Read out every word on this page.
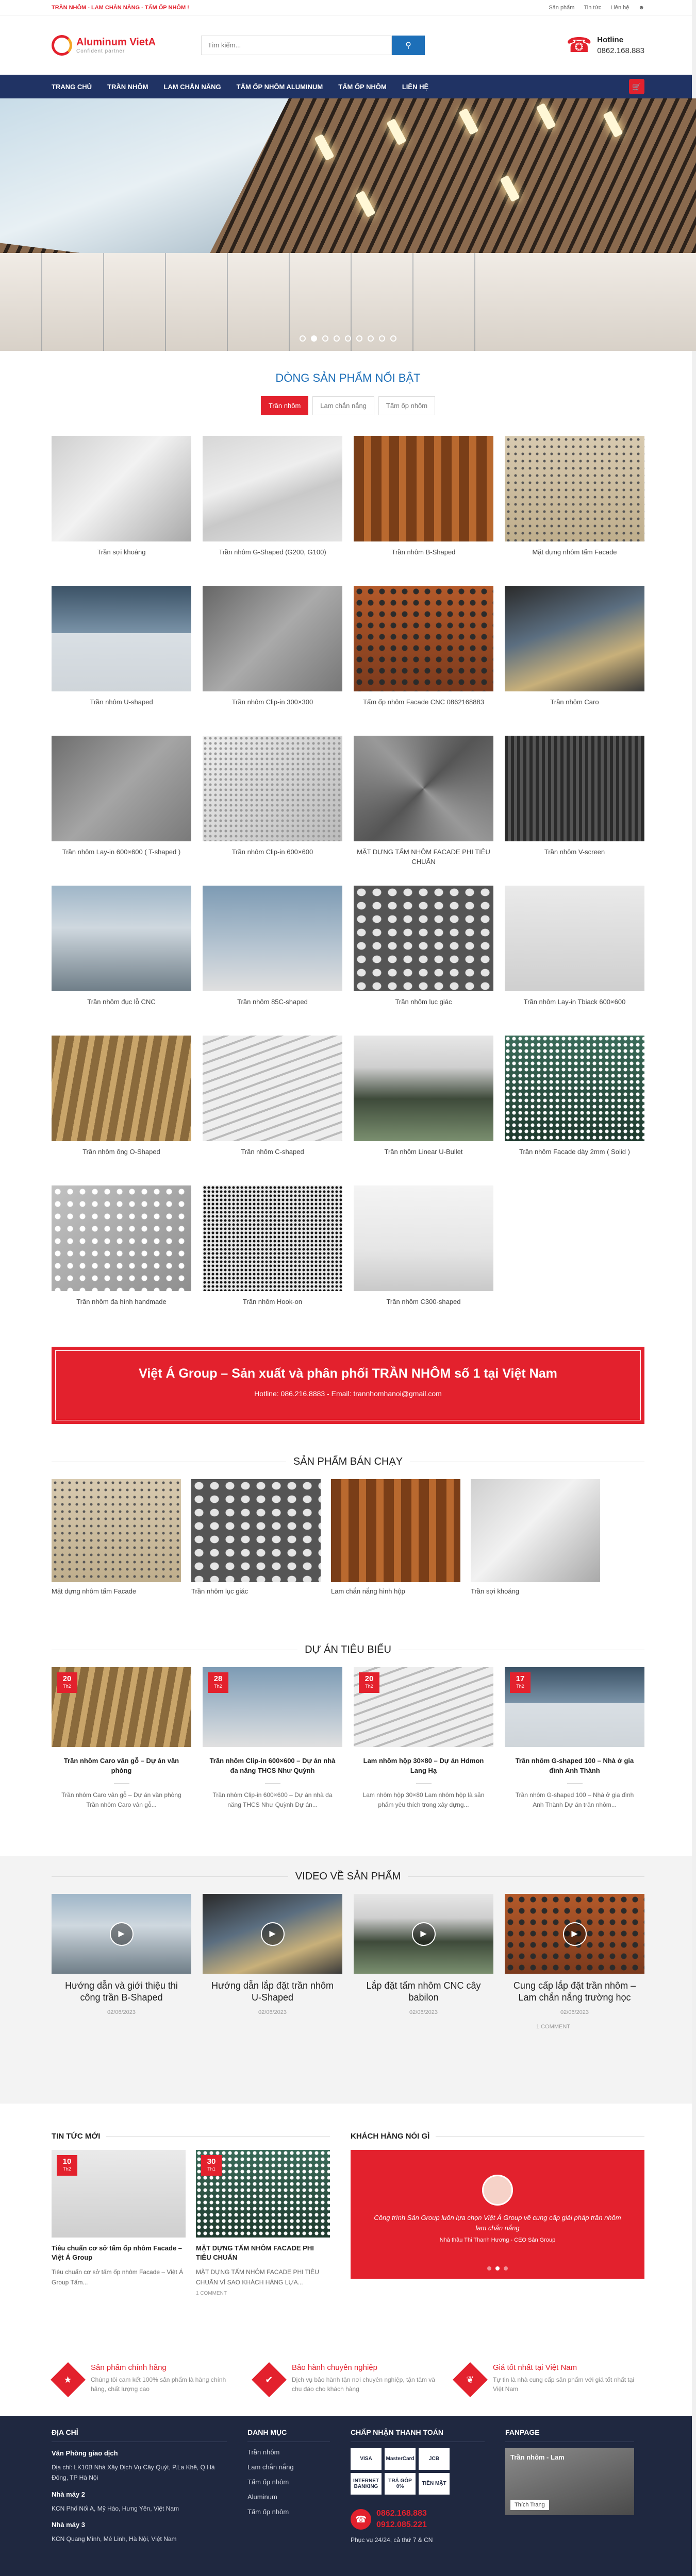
TRẦN NHÔM - LAM CHẮN NẮNG - TẤM ỐP NHÔM !	Sản phẩm Tin tức Liên hệ ☻
Aluminum VietA
Confident partner
Tìm kiếm...
⚲	☎ Hotline
0862.168.883
TRANG CHỦ TRẦN NHÔM LAM CHẮN NẮNG TẤM ỐP NHÔM ALUMINUM TẤM ỐP NHÔM LIÊN HỆ	🛒
DÒNG SẢN PHẨM NỔI BẬT
Trần nhôm	Lam chắn nắng	Tấm ốp nhôm
Trần sợi khoáng	Trần nhôm G-Shaped (G200, G100)	Trần nhôm B-Shaped	Mặt dựng nhôm tấm Facade
Trần nhôm U-shaped	Trần nhôm Clip-in 300×300	Tấm ốp nhôm Facade CNC 0862168883	Trần nhôm Caro
Trần nhôm Lay-in 600×600 ( T-shaped )	Trần nhôm Clip-in 600×600	MẶT DỰNG TẤM NHÔM FACADE PHI TIÊU CHUẨN
Trần nhôm V-screen
Trần nhôm đục lỗ CNC	Trần nhôm 85C-shaped	Trần nhôm lục giác	Trần nhôm Lay-in Tbiack 600×600
Trần nhôm ống O-Shaped	Trần nhôm C-shaped	Trần nhôm Linear U-Bullet	Trần nhôm Facade dày 2mm ( Solid )
Trần nhôm đa hình handmade	Trần nhôm Hook-on	Trần nhôm C300-shaped
Việt Á Group – Sản xuất và phân phối TRẦN NHÔM số 1 tại Việt Nam
Hotline: 086.216.8883 - Email: trannhomhanoi@gmail.com
SẢN PHẨM BÁN CHẠY
Mặt dựng nhôm tấm Facade	Trần nhôm lục giác	Lam chắn nắng hình hộp	Trần sợi khoáng
DỰ ÁN TIÊU BIỂU
20
Th2
Trần nhôm Caro vân gỗ – Dự án văn phòng

Trần nhôm Caro vân gỗ – Dự án văn phòng Trần nhôm Caro vân gỗ...

28
Th2
Trần nhôm Clip-in 600×600 – Dự án nhà đa năng THCS Như Quỳnh

Trần nhôm Clip-in 600×600 – Dự án nhà đa năng THCS Như Quỳnh Dự án...

20
Th2
Lam nhôm hộp 30×80 – Dự án Hdmon Lang Hạ

Lam nhôm hộp 30×80 Lam nhôm hộp là sản phẩm yêu thích trong xây dựng...

17
Th2
Trần nhôm G-shaped 100 – Nhà ở gia đình Anh Thành

Trần nhôm G-shaped 100 – Nhà ở gia đình Anh Thành Dự án trần nhôm...

VIDEO VỀ SẢN PHẨM
▶
Hướng dẫn và giới thiệu thi công trần B-Shaped
02/06/2023
▶
Hướng dẫn lắp đặt trần nhôm U-Shaped
02/06/2023
▶
Lắp đặt tấm nhôm CNC cây babilon
02/06/2023
▶
Cung cấp lắp đặt trần nhôm – Lam chắn nắng trường học
02/06/2023
1 COMMENT
TIN TỨC MỚI
10
Th2
Tiêu chuẩn cơ sở tấm ốp nhôm Facade – Việt Á Group

Tiêu chuẩn cơ sở tấm ốp nhôm Facade – Việt Á Group Tấm...

30
Th1
MẶT DỰNG TẤM NHÔM FACADE PHI TIÊU CHUẨN

MẶT DỰNG TẤM NHÔM FACADE PHI TIÊU CHUẨN VÌ SAO KHÁCH HÀNG LỰA...

1 COMMENT
KHÁCH HÀNG NÓI GÌ
Công trình Sản Group luôn lựa chọn Việt Á Group về cung cấp giải pháp trần nhôm lam chắn nắng
Nhà thầu Thi Thanh Hương - CEO Sản Group
★
Sản phẩm chính hãng

Chúng tôi cam kết 100% sản phẩm là hàng chính hãng, chất lượng cao

✔
Bảo hành chuyên nghiệp

Dịch vụ bảo hành tận nơi chuyên nghiệp, tận tâm và chu đáo cho khách hàng

❦
Giá tốt nhất tại Việt Nam

Tự tin là nhà cung cấp sản phẩm với giá tốt nhất tại Việt Nam

ĐỊA CHỈ
Văn Phòng giao dịch

Địa chỉ: LK10B Nhà Xây Dịch Vụ Cây Quýt, P.La Khê, Q.Hà Đông, TP Hà Nội

Nhà máy 2

KCN Phố Nối A, Mỹ Hào, Hưng Yên, Việt Nam

Nhà máy 3

KCN Quang Minh, Mê Linh, Hà Nội, Việt Nam

DANH MỤC
Trần nhôm
Lam chắn nắng
Tấm ốp nhôm
Aluminum
Tấm ốp nhôm
CHẤP NHẬN THANH TOÁN
VISA	MasterCard	JCB
INTERNET BANKING
TRẢ GÓP 0%	TIỀN MẶT
☎
0862.168.883
0912.085.221
Phục vụ 24/24, cả thứ 7 & CN
FANPAGE
Trần nhôm - Lam
Thích Trang
